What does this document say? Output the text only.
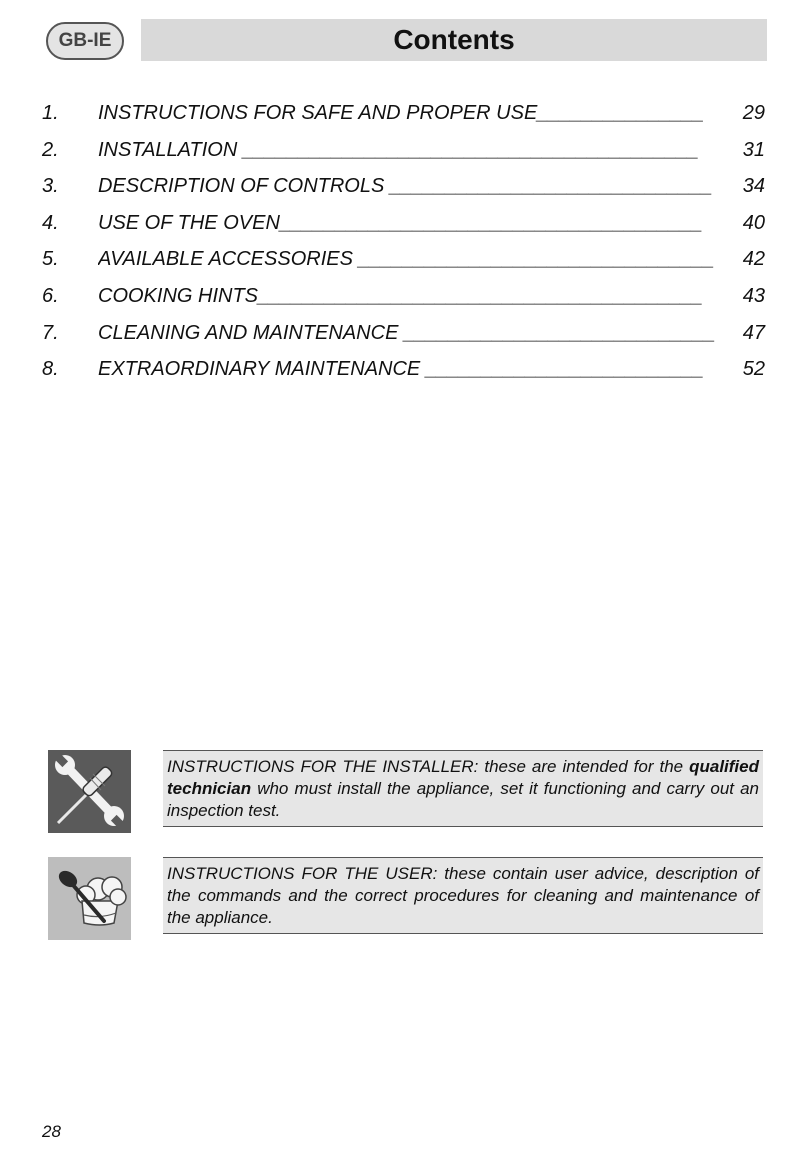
GB-IE	Contents
1. INSTRUCTIONS FOR SAFE AND PROPER USE_______________	29
2. INSTALLATION _________________________________________	31
3. DESCRIPTION OF CONTROLS _____________________________	34
4. USE OF THE OVEN______________________________________	40
5. AVAILABLE ACCESSORIES ________________________________	42
6. COOKING HINTS________________________________________	43
7. CLEANING AND MAINTENANCE ____________________________	47
8. EXTRAORDINARY MAINTENANCE _________________________	52
INSTRUCTIONS FOR THE INSTALLER: these are intended for the qualified technician who must install the appliance, set it functioning and carry out an inspection test.
INSTRUCTIONS FOR THE USER: these contain user advice, description of the commands and the correct procedures for cleaning and maintenance of the appliance.
28
